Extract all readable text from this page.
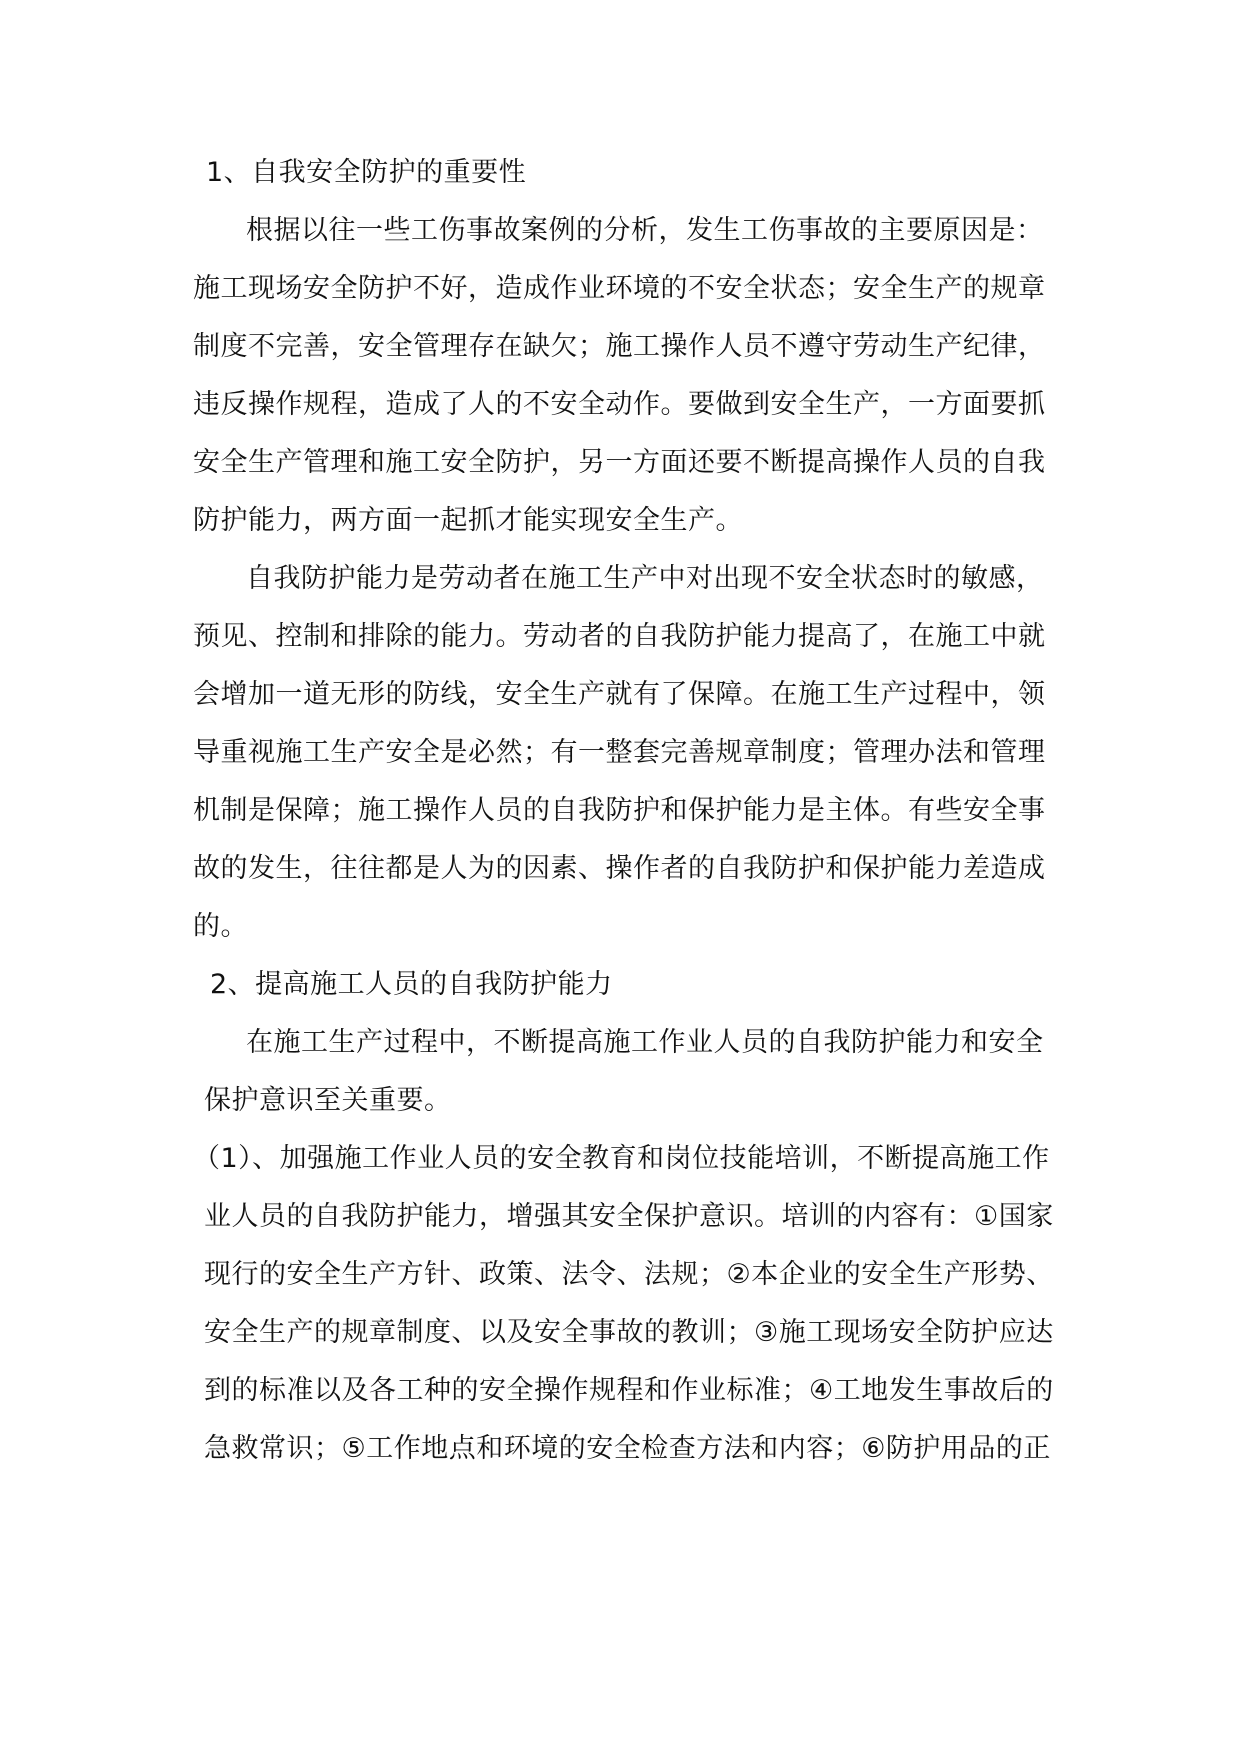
1、自我安全防护的重要性
根据以往一些工伤事故案例的分析，发生工伤事故的主要原因是：
施工现场安全防护不好，造成作业环境的不安全状态；安全生产的规章
制度不完善，安全管理存在缺欠；施工操作人员不遵守劳动生产纪律，
违反操作规程，造成了人的不安全动作。要做到安全生产，一方面要抓
安全生产管理和施工安全防护，另一方面还要不断提高操作人员的自我
防护能力，两方面一起抓才能实现安全生产。
自我防护能力是劳动者在施工生产中对出现不安全状态时的敏感，
预见、控制和排除的能力。劳动者的自我防护能力提高了，在施工中就
会增加一道无形的防线，安全生产就有了保障。在施工生产过程中，领
导重视施工生产安全是必然；有一整套完善规章制度；管理办法和管理
机制是保障；施工操作人员的自我防护和保护能力是主体。有些安全事
故的发生，往往都是人为的因素、操作者的自我防护和保护能力差造成
的。
2、提高施工人员的自我防护能力
在施工生产过程中，不断提高施工作业人员的自我防护能力和安全
保护意识至关重要。
（1）、加强施工作业人员的安全教育和岗位技能培训，不断提高施工作
业人员的自我防护能力，增强其安全保护意识。培训的内容有：①国家
现行的安全生产方针、政策、法令、法规；②本企业的安全生产形势、
安全生产的规章制度、以及安全事故的教训；③施工现场安全防护应达
到的标准以及各工种的安全操作规程和作业标准；④工地发生事故后的
急救常识；⑤工作地点和环境的安全检查方法和内容；⑥防护用品的正
